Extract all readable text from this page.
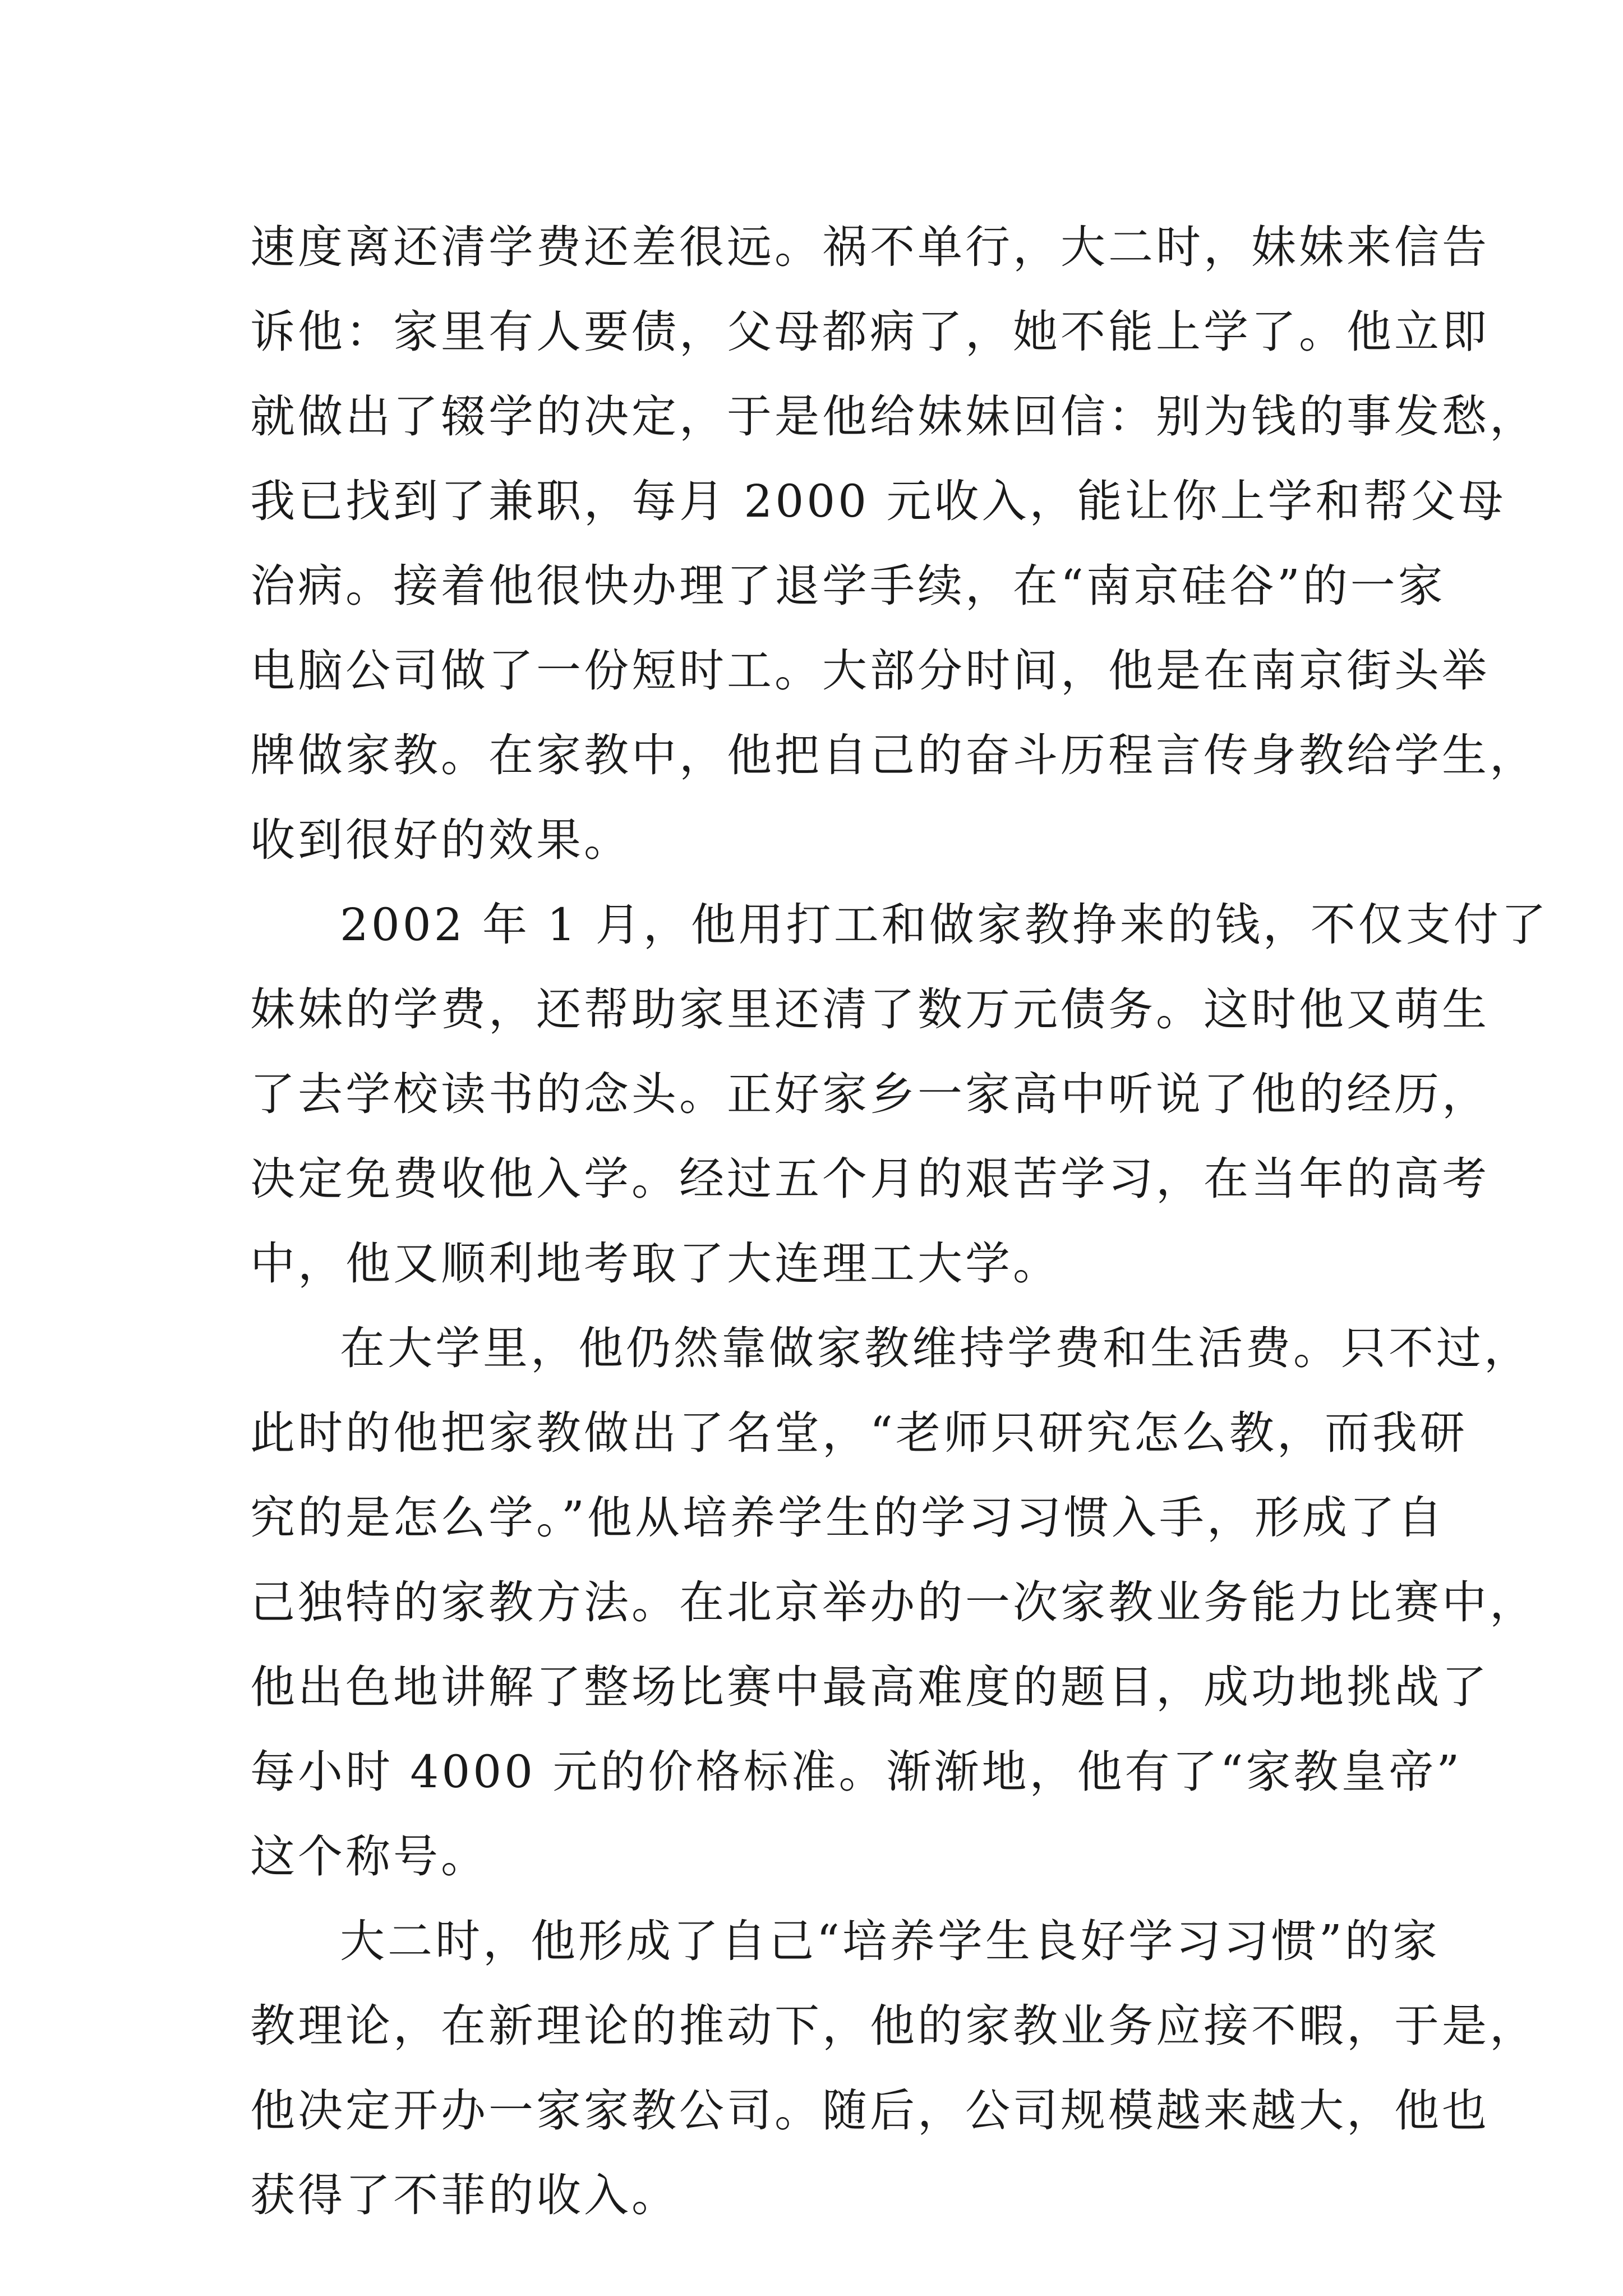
速度离还清学费还差很远。祸不单行，大二时，妹妹来信告
诉他：家里有人要债，父母都病了，她不能上学了。他立即
就做出了辍学的决定，于是他给妹妹回信：别为钱的事发愁，
我已找到了兼职，每月 2000 元收入，能让你上学和帮父母
治病。接着他很快办理了退学手续，在“南京硅谷”的一家
电脑公司做了一份短时工。大部分时间，他是在南京街头举
牌做家教。在家教中，他把自己的奋斗历程言传身教给学生，
收到很好的效果。
2002 年 1 月，他用打工和做家教挣来的钱，不仅支付了
妹妹的学费，还帮助家里还清了数万元债务。这时他又萌生
了去学校读书的念头。正好家乡一家高中听说了他的经历，
决定免费收他入学。经过五个月的艰苦学习，在当年的高考
中，他又顺利地考取了大连理工大学。
在大学里，他仍然靠做家教维持学费和生活费。只不过，
此时的他把家教做出了名堂，“老师只研究怎么教，而我研
究的是怎么学。”他从培养学生的学习习惯入手，形成了自
己独特的家教方法。在北京举办的一次家教业务能力比赛中，
他出色地讲解了整场比赛中最高难度的题目，成功地挑战了
每小时 4000 元的价格标准。渐渐地，他有了“家教皇帝”
这个称号。
大二时，他形成了自己“培养学生良好学习习惯”的家
教理论，在新理论的推动下，他的家教业务应接不暇，于是，
他决定开办一家家教公司。随后，公司规模越来越大，他也
获得了不菲的收入。
